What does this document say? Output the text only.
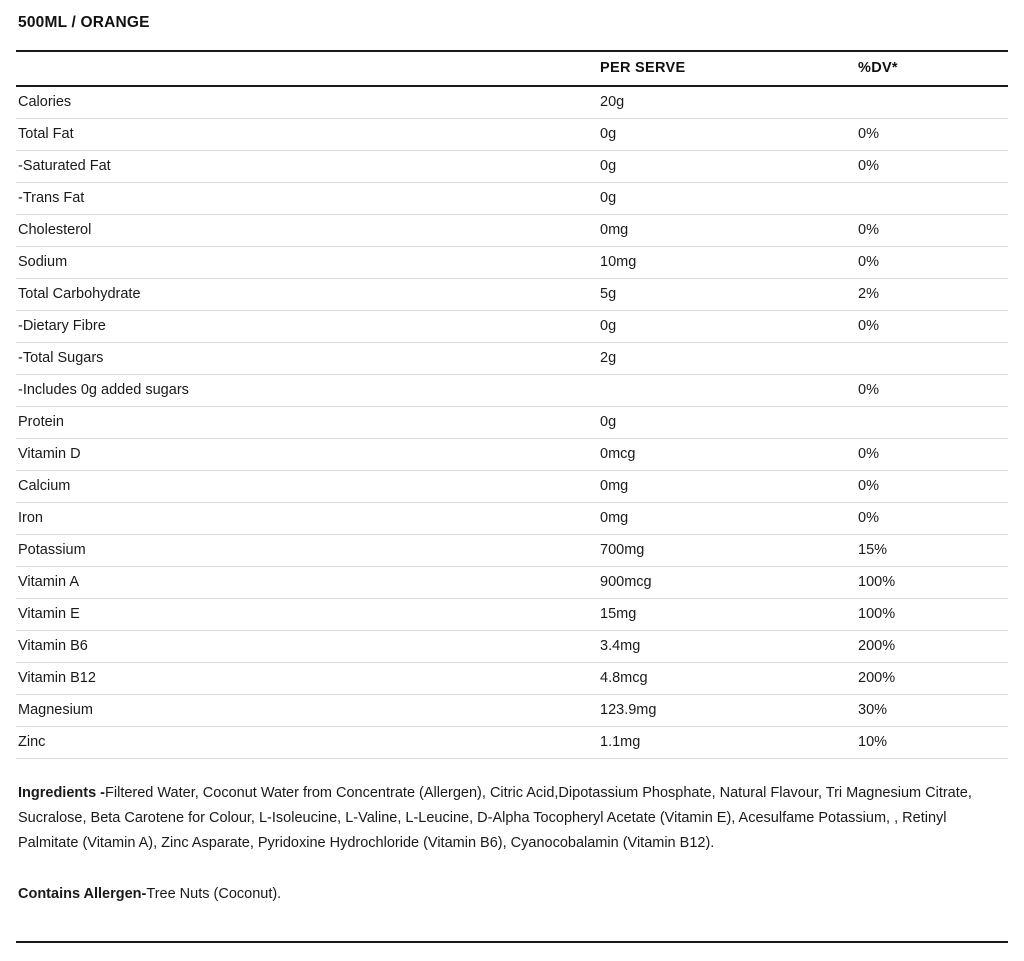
500ML / ORANGE
	PER SERVE	%DV*
Calories	20g	
Total Fat	0g	0%
-Saturated Fat	0g	0%
-Trans Fat	0g	
Cholesterol	0mg	0%
Sodium	10mg	0%
Total Carbohydrate	5g	2%
-Dietary Fibre	0g	0%
-Total Sugars	2g	
-Includes 0g added sugars		0%
Protein	0g	
Vitamin D	0mcg	0%
Calcium	0mg	0%
Iron	0mg	0%
Potassium	700mg	15%
Vitamin A	900mcg	100%
Vitamin E	15mg	100%
Vitamin B6	3.4mg	200%
Vitamin B12	4.8mcg	200%
Magnesium	123.9mg	30%
Zinc	1.1mg	10%
Ingredients -Filtered Water, Coconut Water from Concentrate (Allergen), Citric Acid,Dipotassium Phosphate, Natural Flavour, Tri Magnesium Citrate, Sucralose, Beta Carotene for Colour, L-Isoleucine, L-Valine, L-Leucine, D-Alpha Tocopheryl Acetate (Vitamin E), Acesulfame Potassium, , Retinyl Palmitate (Vitamin A), Zinc Asparate, Pyridoxine Hydrochloride (Vitamin B6), Cyanocobalamin (Vitamin B12).
Contains Allergen-Tree Nuts (Coconut).
